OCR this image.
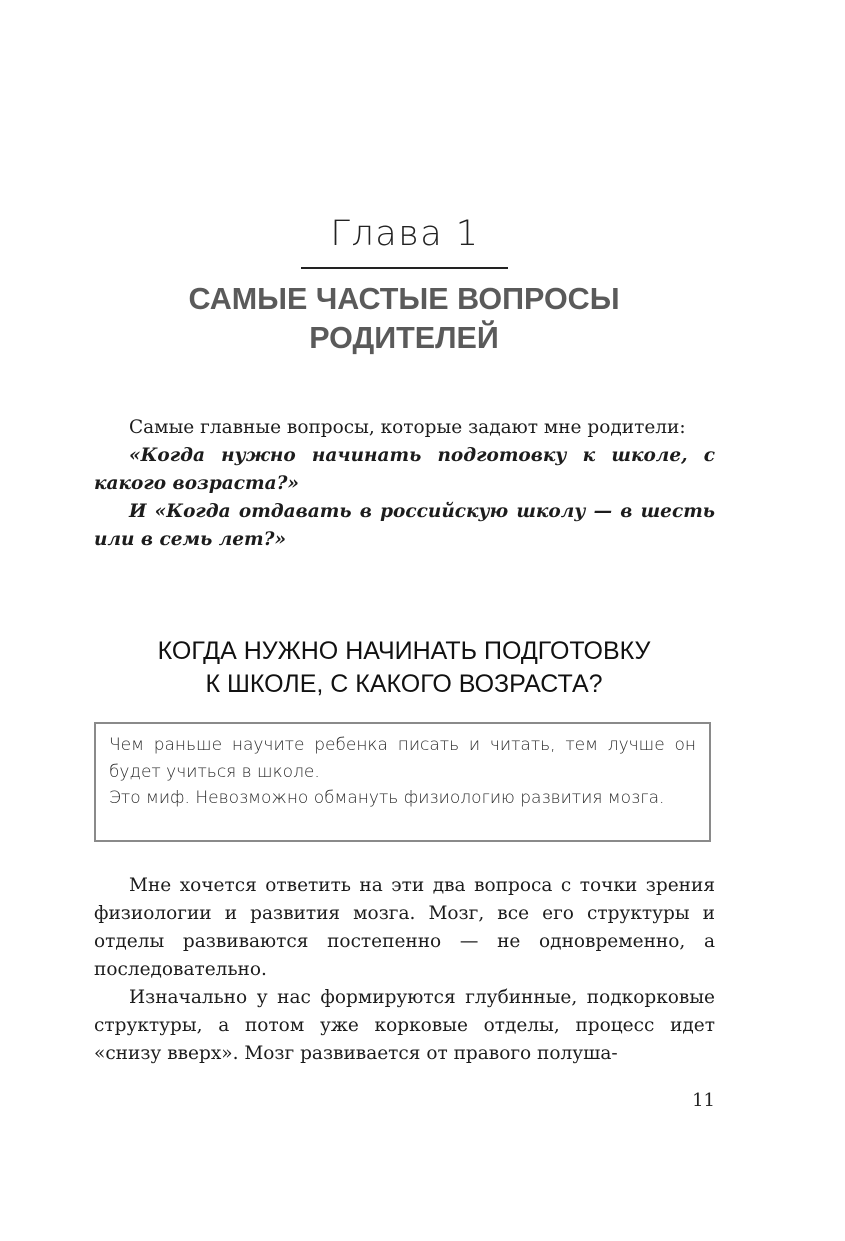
Глава 1
САМЫЕ ЧАСТЫЕ ВОПРОСЫ
РОДИТЕЛЕЙ

Самые главные вопросы, которые задают мне родители:

«Когда нужно начинать подготовку к школе, с какого возраста?»

И «Когда отдавать в российскую школу — в шесть или в семь лет?»

КОГДА НУЖНО НАЧИНАТЬ ПОДГОТОВКУ
К ШКОЛЕ, С КАКОГО ВОЗРАСТА?

Чем раньше научите ребенка писать и читать, тем лучше он будет учиться в школе.

Это миф. Невозможно обмануть физиологию развития мозга.

Мне хочется ответить на эти два вопроса с точки зрения физиологии и развития мозга. Мозг, все его структуры и отделы развиваются постепенно — не одновременно, а последовательно.

Изначально у нас формируются глубинные, подкорковые структуры, а потом уже корковые отделы, процесс идет «снизу вверх». Мозг развивается от правого полуша-

11
